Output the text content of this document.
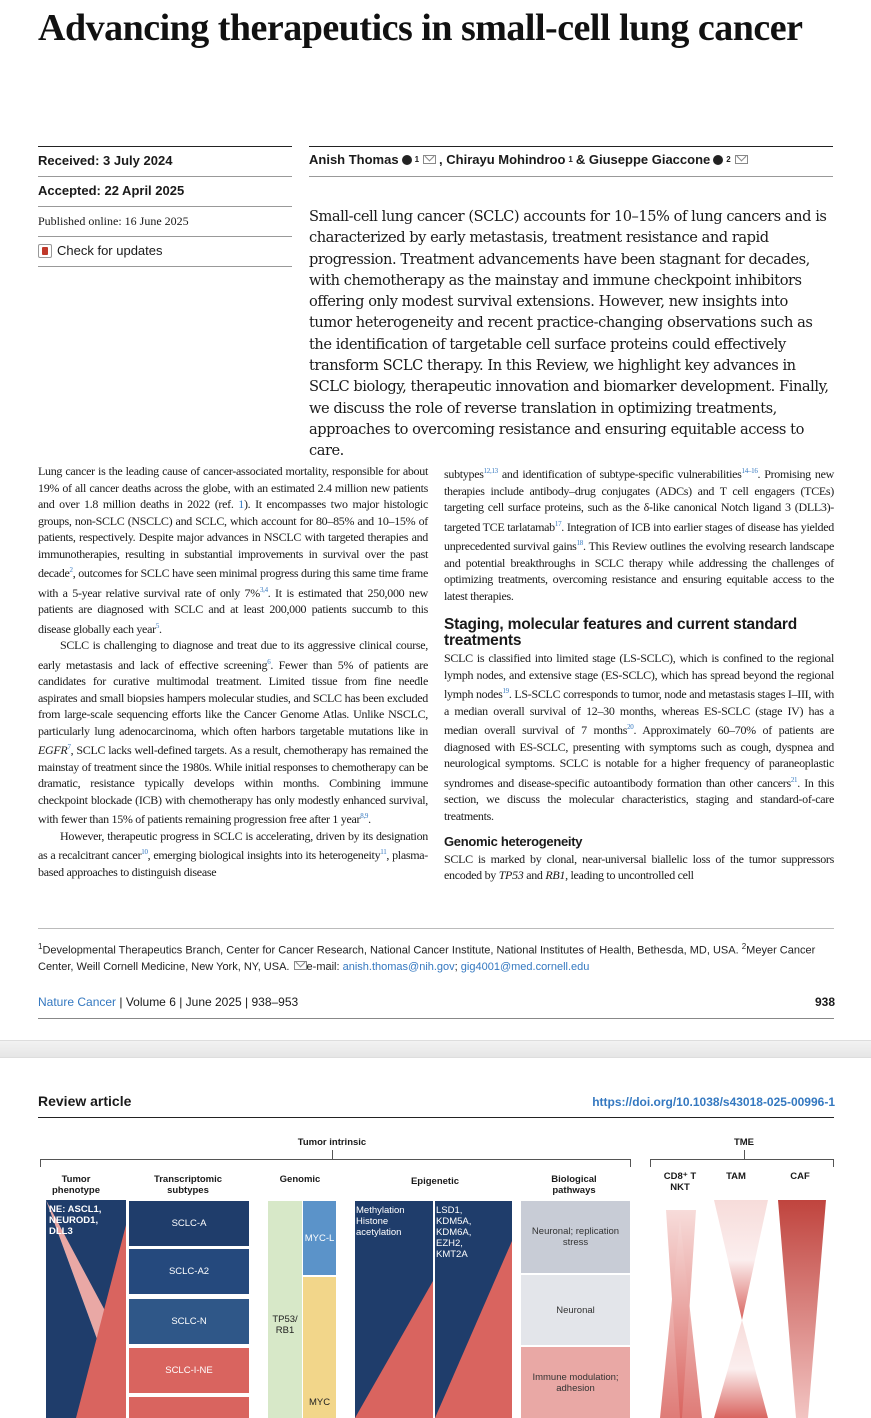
Advancing therapeutics in small-cell lung cancer
Received: 3 July 2024
Accepted: 22 April 2025
Published online: 16 June 2025
Check for updates
Anish Thomas 1 , Chirayu Mohindroo 1 & Giuseppe Giaccone 2
Small-cell lung cancer (SCLC) accounts for 10–15% of lung cancers and is characterized by early metastasis, treatment resistance and rapid progression. Treatment advancements have been stagnant for decades, with chemotherapy as the mainstay and immune checkpoint inhibitors offering only modest survival extensions. However, new insights into tumor heterogeneity and recent practice-changing observations such as the identification of targetable cell surface proteins could effectively transform SCLC therapy. In this Review, we highlight key advances in SCLC biology, therapeutic innovation and biomarker development. Finally, we discuss the role of reverse translation in optimizing treatments, approaches to overcoming resistance and ensuring equitable access to care.

Lung cancer is the leading cause of cancer-associated mortality, responsible for about 19% of all cancer deaths across the globe, with an estimated 2.4 million new patients and over 1.8 million deaths in 2022 (ref. 1). It encompasses two major histologic groups, non-SCLC (NSCLC) and SCLC, which account for 80–85% and 10–15% of patients, respectively. Despite major advances in NSCLC with targeted therapies and immunotherapies, resulting in substantial improvements in survival over the past decade$^2$, outcomes for SCLC have seen minimal progress during this same time frame with a 5-year relative survival rate of only 7%$^{3,4}$. It is estimated that 250,000 new patients are diagnosed with SCLC and at least 200,000 patients succumb to this disease globally each year$^5$.

SCLC is challenging to diagnose and treat due to its aggressive clinical course, early metastasis and lack of effective screening$^6$. Fewer than 5% of patients are candidates for curative multimodal treatment. Limited tissue from fine needle aspirates and small biopsies hampers molecular studies, and SCLC has been excluded from large-scale sequencing efforts like the Cancer Genome Atlas. Unlike NSCLC, particularly lung adenocarcinoma, which often harbors targetable mutations like in EGFR$^7$, SCLC lacks well-defined targets. As a result, chemotherapy has remained the mainstay of treatment since the 1980s. While initial responses to chemotherapy can be dramatic, resistance typically develops within months. Combining immune checkpoint blockade (ICB) with chemotherapy has only modestly enhanced survival, with fewer than 15% of patients remaining progression free after 1 year$^{8,9}$.

However, therapeutic progress in SCLC is accelerating, driven by its designation as a recalcitrant cancer$^{10}$, emerging biological insights into its heterogeneity$^{11}$, plasma-based approaches to distinguish disease

subtypes$^{12,13}$ and identification of subtype-specific vulnerabilities$^{14-16}$. Promising new therapies include antibody–drug conjugates (ADCs) and T cell engagers (TCEs) targeting cell surface proteins, such as the δ-like canonical Notch ligand 3 (DLL3)-targeted TCE tarlatamab$^{17}$. Integration of ICB into earlier stages of disease has yielded unprecedented survival gains$^{18}$. This Review outlines the evolving research landscape and potential breakthroughs in SCLC therapy while addressing the challenges of optimizing treatments, overcoming resistance and ensuring equitable access to the latest therapies.

Staging, molecular features and current standard treatments

SCLC is classified into limited stage (LS-SCLC), which is confined to the regional lymph nodes, and extensive stage (ES-SCLC), which has spread beyond the regional lymph nodes$^{19}$. LS-SCLC corresponds to tumor, node and metastasis stages I–III, with a median overall survival of 12–30 months, whereas ES-SCLC (stage IV) has a median overall survival of 7 months$^{20}$. Approximately 60–70% of patients are diagnosed with ES-SCLC, presenting with symptoms such as cough, dyspnea and neurological symptoms. SCLC is notable for a higher frequency of paraneoplastic syndromes and disease-specific autoantibody formation than other cancers$^{21}$. In this section, we discuss the molecular characteristics, staging and standard-of-care treatments.

Genomic heterogeneity

SCLC is marked by clonal, near-universal biallelic loss of the tumor suppressors encoded by TP53 and RB1, leading to uncontrolled cell

$^1$Developmental Therapeutics Branch, Center for Cancer Research, National Cancer Institute, National Institutes of Health, Bethesda, MD, USA. $^2$Meyer Cancer Center, Weill Cornell Medicine, New York, NY, USA. e-mail: anish.thomas@nih.gov; gig4001@med.cornell.edu
Nature Cancer | Volume 6 | June 2025 | 938–953	938
Review article	https://doi.org/10.1038/s43018-025-00996-1
Tumor intrinsic	TME
Tumor phenotype
Transcriptomic subtypes
Genomic	Epigenetic	Biological pathways
CD8⁺ T NKT
TAM	CAF
NE: ASCL1, NEUROD1, DLL3
SCLC-A
SCLC-A2
SCLC-N
SCLC-I-NE
TP53/ RB1
MYC-L
MYC
Methylation Histone acetylation
LSD1, KDM5A, KDM6A, EZH2, KMT2A
Neuronal; replication stress
Neuronal
Immune modulation; adhesion
